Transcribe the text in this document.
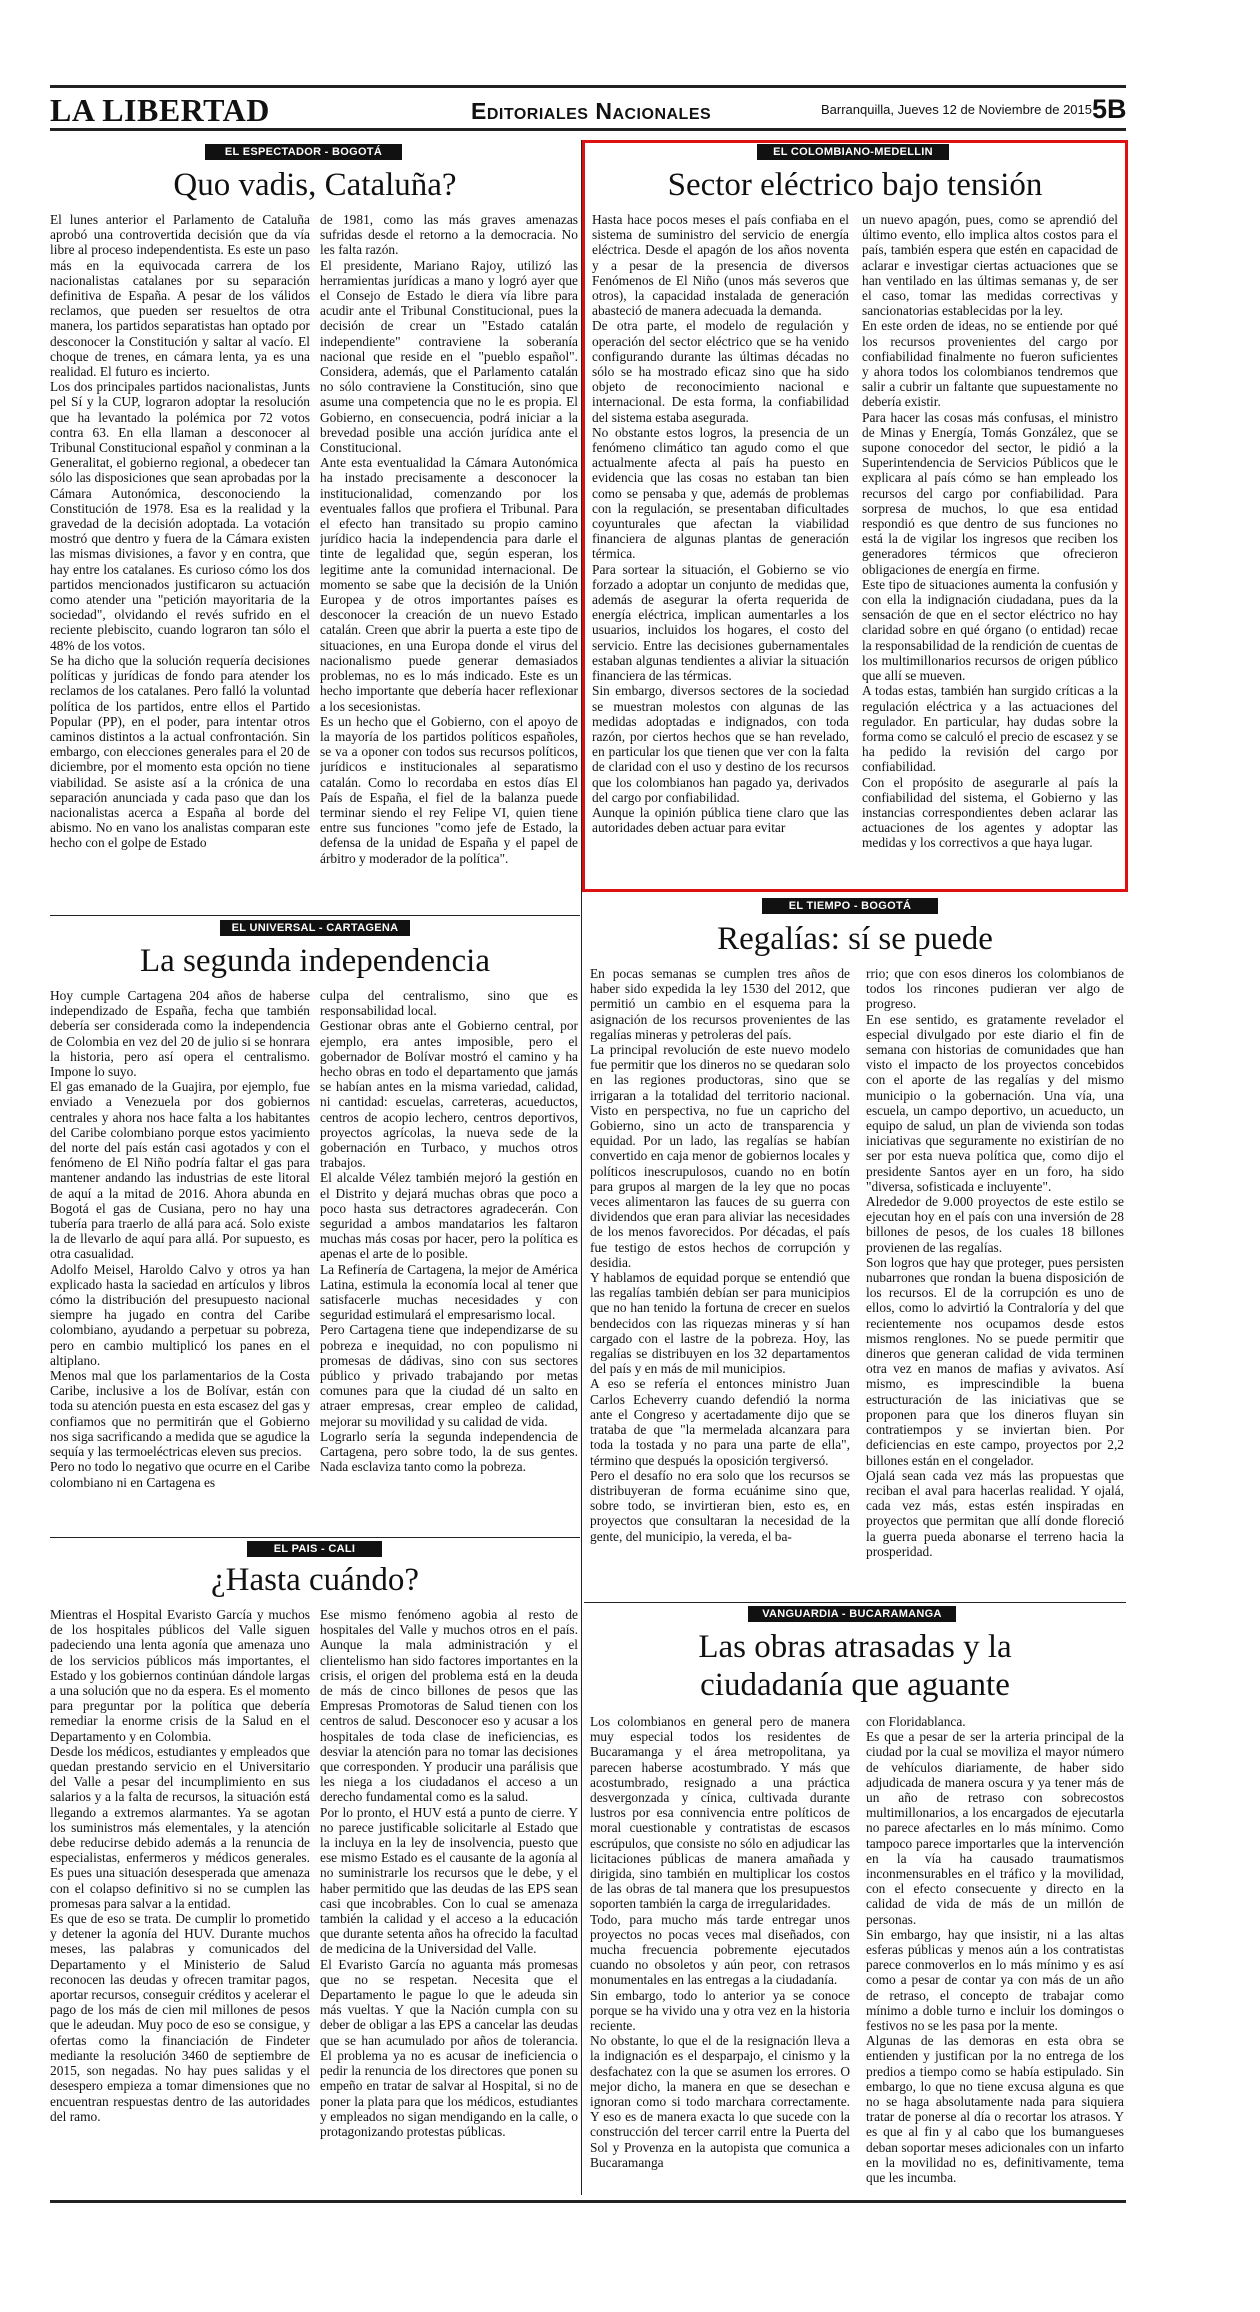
LA LIBERTAD	Editoriales Nacionales	Barranquilla, Jueves 12 de Noviembre de 2015 5B
EL ESPECTADOR - BOGOTÁ
Quo vadis, Cataluña?

El lunes anterior el Parlamento de Cataluña aprobó una controvertida decisión que da vía libre al proceso independentista. Es este un paso más en la equivocada carrera de los nacionalistas catalanes por su separación definitiva de España. A pesar de los válidos reclamos, que pueden ser resueltos de otra manera, los partidos separatistas han optado por desconocer la Constitución y saltar al vacío. El choque de trenes, en cámara lenta, ya es una realidad. El futuro es incierto.

Los dos principales partidos nacionalistas, Junts pel Sí y la CUP, lograron adoptar la resolución que ha levantado la polémica por 72 votos contra 63. En ella llaman a desconocer al Tribunal Constitucional español y conminan a la Generalitat, el gobierno regional, a obedecer tan sólo las disposiciones que sean aprobadas por la Cámara Autonómica, desconociendo la Constitución de 1978. Esa es la realidad y la gravedad de la decisión adoptada. La votación mostró que dentro y fuera de la Cámara existen las mismas divisiones, a favor y en contra, que hay entre los catalanes. Es curioso cómo los dos partidos mencionados justificaron su actuación como atender una "petición mayoritaria de la sociedad", olvidando el revés sufrido en el reciente plebiscito, cuando lograron tan sólo el 48% de los votos.

Se ha dicho que la solución requería decisiones políticas y jurídicas de fondo para atender los reclamos de los catalanes. Pero falló la voluntad política de los partidos, entre ellos el Partido Popular (PP), en el poder, para intentar otros caminos distintos a la actual confrontación. Sin embargo, con elecciones generales para el 20 de diciembre, por el momento esta opción no tiene viabilidad. Se asiste así a la crónica de una separación anunciada y cada paso que dan los nacionalistas acerca a España al borde del abismo. No en vano los analistas comparan este hecho con el golpe de Estado

de 1981, como las más graves amenazas sufridas desde el retorno a la democracia. No les falta razón.

El presidente, Mariano Rajoy, utilizó las herramientas jurídicas a mano y logró ayer que el Consejo de Estado le diera vía libre para acudir ante el Tribunal Constitucional, pues la decisión de crear un "Estado catalán independiente" contraviene la soberanía nacional que reside en el "pueblo español". Considera, además, que el Parlamento catalán no sólo contraviene la Constitución, sino que asume una competencia que no le es propia. El Gobierno, en consecuencia, podrá iniciar a la brevedad posible una acción jurídica ante el Constitucional.

Ante esta eventualidad la Cámara Autonómica ha instado precisamente a desconocer la institucionalidad, comenzando por los eventuales fallos que profiera el Tribunal. Para el efecto han transitado su propio camino jurídico hacia la independencia para darle el tinte de legalidad que, según esperan, los legitime ante la comunidad internacional. De momento se sabe que la decisión de la Unión Europea y de otros importantes países es desconocer la creación de un nuevo Estado catalán. Creen que abrir la puerta a este tipo de situaciones, en una Europa donde el virus del nacionalismo puede generar demasiados problemas, no es lo más indicado. Este es un hecho importante que debería hacer reflexionar a los secesionistas.

Es un hecho que el Gobierno, con el apoyo de la mayoría de los partidos políticos españoles, se va a oponer con todos sus recursos políticos, jurídicos e institucionales al separatismo catalán. Como lo recordaba en estos días El País de España, el fiel de la balanza puede terminar siendo el rey Felipe VI, quien tiene entre sus funciones "como jefe de Estado, la defensa de la unidad de España y el papel de árbitro y moderador de la política".

EL COLOMBIANO-MEDELLIN
Sector eléctrico bajo tensión

Hasta hace pocos meses el país confiaba en el sistema de suministro del servicio de energía eléctrica. Desde el apagón de los años noventa y a pesar de la presencia de diversos Fenómenos de El Niño (unos más severos que otros), la capacidad instalada de generación abasteció de manera adecuada la demanda.

De otra parte, el modelo de regulación y operación del sector eléctrico que se ha venido configurando durante las últimas décadas no sólo se ha mostrado eficaz sino que ha sido objeto de reconocimiento nacional e internacional. De esta forma, la confiabilidad del sistema estaba asegurada.

No obstante estos logros, la presencia de un fenómeno climático tan agudo como el que actualmente afecta al país ha puesto en evidencia que las cosas no estaban tan bien como se pensaba y que, además de problemas con la regulación, se presentaban dificultades coyunturales que afectan la viabilidad financiera de algunas plantas de generación térmica.

Para sortear la situación, el Gobierno se vio forzado a adoptar un conjunto de medidas que, además de asegurar la oferta requerida de energía eléctrica, implican aumentarles a los usuarios, incluidos los hogares, el costo del servicio. Entre las decisiones gubernamentales estaban algunas tendientes a aliviar la situación financiera de las térmicas.

Sin embargo, diversos sectores de la sociedad se muestran molestos con algunas de las medidas adoptadas e indignados, con toda razón, por ciertos hechos que se han revelado, en particular los que tienen que ver con la falta de claridad con el uso y destino de los recursos que los colombianos han pagado ya, derivados del cargo por confiabilidad.

Aunque la opinión pública tiene claro que las autoridades deben actuar para evitar

un nuevo apagón, pues, como se aprendió del último evento, ello implica altos costos para el país, también espera que estén en capacidad de aclarar e investigar ciertas actuaciones que se han ventilado en las últimas semanas y, de ser el caso, tomar las medidas correctivas y sancionatorias establecidas por la ley.

En este orden de ideas, no se entiende por qué los recursos provenientes del cargo por confiabilidad finalmente no fueron suficientes y ahora todos los colombianos tendremos que salir a cubrir un faltante que supuestamente no debería existir.

Para hacer las cosas más confusas, el ministro de Minas y Energía, Tomás González, que se supone conocedor del sector, le pidió a la Superintendencia de Servicios Públicos que le explicara al país cómo se han empleado los recursos del cargo por confiabilidad. Para sorpresa de muchos, lo que esa entidad respondió es que dentro de sus funciones no está la de vigilar los ingresos que reciben los generadores térmicos que ofrecieron obligaciones de energía en firme.

Este tipo de situaciones aumenta la confusión y con ella la indignación ciudadana, pues da la sensación de que en el sector eléctrico no hay claridad sobre en qué órgano (o entidad) recae la responsabilidad de la rendición de cuentas de los multimillonarios recursos de origen público que allí se mueven.

A todas estas, también han surgido críticas a la regulación eléctrica y a las actuaciones del regulador. En particular, hay dudas sobre la forma como se calculó el precio de escasez y se ha pedido la revisión del cargo por confiabilidad.

Con el propósito de asegurarle al país la confiabilidad del sistema, el Gobierno y las instancias correspondientes deben aclarar las actuaciones de los agentes y adoptar las medidas y los correctivos a que haya lugar.

EL UNIVERSAL - CARTAGENA
La segunda independencia

Hoy cumple Cartagena 204 años de haberse independizado de España, fecha que también debería ser considerada como la independencia de Colombia en vez del 20 de julio si se honrara la historia, pero así opera el centralismo. Impone lo suyo.

El gas emanado de la Guajira, por ejemplo, fue enviado a Venezuela por dos gobiernos centrales y ahora nos hace falta a los habitantes del Caribe colombiano porque estos yacimiento del norte del país están casi agotados y con el fenómeno de El Niño podría faltar el gas para mantener andando las industrias de este litoral de aquí a la mitad de 2016. Ahora abunda en Bogotá el gas de Cusiana, pero no hay una tubería para traerlo de allá para acá. Solo existe la de llevarlo de aquí para allá. Por supuesto, es otra casualidad.

Adolfo Meisel, Haroldo Calvo y otros ya han explicado hasta la saciedad en artículos y libros cómo la distribución del presupuesto nacional siempre ha jugado en contra del Caribe colombiano, ayudando a perpetuar su pobreza, pero en cambio multiplicó los panes en el altiplano.

Menos mal que los parlamentarios de la Costa Caribe, inclusive a los de Bolívar, están con toda su atención puesta en esta escasez del gas y confiamos que no permitirán que el Gobierno nos siga sacrificando a medida que se agudice la sequía y las termoeléctricas eleven sus precios.

Pero no todo lo negativo que ocurre en el Caribe colombiano ni en Cartagena es

culpa del centralismo, sino que es responsabilidad local.

Gestionar obras ante el Gobierno central, por ejemplo, era antes imposible, pero el gobernador de Bolívar mostró el camino y ha hecho obras en todo el departamento que jamás se habían antes en la misma variedad, calidad, ni cantidad: escuelas, carreteras, acueductos, centros de acopio lechero, centros deportivos, proyectos agrícolas, la nueva sede de la gobernación en Turbaco, y muchos otros trabajos.

El alcalde Vélez también mejoró la gestión en el Distrito y dejará muchas obras que poco a poco hasta sus detractores agradecerán. Con seguridad a ambos mandatarios les faltaron muchas más cosas por hacer, pero la política es apenas el arte de lo posible.

La Refinería de Cartagena, la mejor de América Latina, estimula la economía local al tener que satisfacerle muchas necesidades y con seguridad estimulará el empresarismo local.

Pero Cartagena tiene que independizarse de su pobreza e inequidad, no con populismo ni promesas de dádivas, sino con sus sectores público y privado trabajando por metas comunes para que la ciudad dé un salto en atraer empresas, crear empleo de calidad, mejorar su movilidad y su calidad de vida.

Lograrlo sería la segunda independencia de Cartagena, pero sobre todo, la de sus gentes. Nada esclaviza tanto como la pobreza.

EL TIEMPO - BOGOTÁ
Regalías: sí se puede

En pocas semanas se cumplen tres años de haber sido expedida la ley 1530 del 2012, que permitió un cambio en el esquema para la asignación de los recursos provenientes de las regalías mineras y petroleras del país.

La principal revolución de este nuevo modelo fue permitir que los dineros no se quedaran solo en las regiones productoras, sino que se irrigaran a la totalidad del territorio nacional. Visto en perspectiva, no fue un capricho del Gobierno, sino un acto de transparencia y equidad. Por un lado, las regalías se habían convertido en caja menor de gobiernos locales y políticos inescrupulosos, cuando no en botín para grupos al margen de la ley que no pocas veces alimentaron las fauces de su guerra con dividendos que eran para aliviar las necesidades de los menos favorecidos. Por décadas, el país fue testigo de estos hechos de corrupción y desidia.

Y hablamos de equidad porque se entendió que las regalías también debían ser para municipios que no han tenido la fortuna de crecer en suelos bendecidos con las riquezas mineras y sí han cargado con el lastre de la pobreza. Hoy, las regalías se distribuyen en los 32 departamentos del país y en más de mil municipios.

A eso se refería el entonces ministro Juan Carlos Echeverry cuando defendió la norma ante el Congreso y acertadamente dijo que se trataba de que "la mermelada alcanzara para toda la tostada y no para una parte de ella", término que después la oposición tergiversó.

Pero el desafío no era solo que los recursos se distribuyeran de forma ecuánime sino que, sobre todo, se invirtieran bien, esto es, en proyectos que consultaran la necesidad de la gente, del municipio, la vereda, el ba-

rrio; que con esos dineros los colombianos de todos los rincones pudieran ver algo de progreso.

En ese sentido, es gratamente revelador el especial divulgado por este diario el fin de semana con historias de comunidades que han visto el impacto de los proyectos concebidos con el aporte de las regalías y del mismo municipio o la gobernación. Una vía, una escuela, un campo deportivo, un acueducto, un equipo de salud, un plan de vivienda son todas iniciativas que seguramente no existirían de no ser por esta nueva política que, como dijo el presidente Santos ayer en un foro, ha sido "diversa, sofisticada e incluyente".

Alrededor de 9.000 proyectos de este estilo se ejecutan hoy en el país con una inversión de 28 billones de pesos, de los cuales 18 billones provienen de las regalías.

Son logros que hay que proteger, pues persisten nubarrones que rondan la buena disposición de los recursos. El de la corrupción es uno de ellos, como lo advirtió la Contraloría y del que recientemente nos ocupamos desde estos mismos renglones. No se puede permitir que dineros que generan calidad de vida terminen otra vez en manos de mafias y avivatos. Así mismo, es imprescindible la buena estructuración de las iniciativas que se proponen para que los dineros fluyan sin contratiempos y se inviertan bien. Por deficiencias en este campo, proyectos por 2,2 billones están en el congelador.

Ojalá sean cada vez más las propuestas que reciban el aval para hacerlas realidad. Y ojalá, cada vez más, estas estén inspiradas en proyectos que permitan que allí donde floreció la guerra pueda abonarse el terreno hacia la prosperidad.

EL PAIS - CALI
¿Hasta cuándo?

Mientras el Hospital Evaristo García y muchos de los hospitales públicos del Valle siguen padeciendo una lenta agonía que amenaza uno de los servicios públicos más importantes, el Estado y los gobiernos continúan dándole largas a una solución que no da espera. Es el momento para preguntar por la política que debería remediar la enorme crisis de la Salud en el Departamento y en Colombia.

Desde los médicos, estudiantes y empleados que quedan prestando servicio en el Universitario del Valle a pesar del incumplimiento en sus salarios y a la falta de recursos, la situación está llegando a extremos alarmantes. Ya se agotan los suministros más elementales, y la atención debe reducirse debido además a la renuncia de especialistas, enfermeros y médicos generales. Es pues una situación desesperada que amenaza con el colapso definitivo si no se cumplen las promesas para salvar a la entidad.

Es que de eso se trata. De cumplir lo prometido y detener la agonía del HUV. Durante muchos meses, las palabras y comunicados del Departamento y el Ministerio de Salud reconocen las deudas y ofrecen tramitar pagos, aportar recursos, conseguir créditos y acelerar el pago de los más de cien mil millones de pesos que le adeudan. Muy poco de eso se consigue, y ofertas como la financiación de Findeter mediante la resolución 3460 de septiembre de 2015, son negadas. No hay pues salidas y el desespero empieza a tomar dimensiones que no encuentran respuestas dentro de las autoridades del ramo.

Ese mismo fenómeno agobia al resto de hospitales del Valle y muchos otros en el país. Aunque la mala administración y el clientelismo han sido factores importantes en la crisis, el origen del problema está en la deuda de más de cinco billones de pesos que las Empresas Promotoras de Salud tienen con los centros de salud. Desconocer eso y acusar a los hospitales de toda clase de ineficiencias, es desviar la atención para no tomar las decisiones que corresponden. Y producir una parálisis que les niega a los ciudadanos el acceso a un derecho fundamental como es la salud.

Por lo pronto, el HUV está a punto de cierre. Y no parece justificable solicitarle al Estado que la incluya en la ley de insolvencia, puesto que ese mismo Estado es el causante de la agonía al no suministrarle los recursos que le debe, y el haber permitido que las deudas de las EPS sean casi que incobrables. Con lo cual se amenaza también la calidad y el acceso a la educación que durante setenta años ha ofrecido la facultad de medicina de la Universidad del Valle.

El Evaristo García no aguanta más promesas que no se respetan. Necesita que el Departamento le pague lo que le adeuda sin más vueltas. Y que la Nación cumpla con su deber de obligar a las EPS a cancelar las deudas que se han acumulado por años de tolerancia. El problema ya no es acusar de ineficiencia o pedir la renuncia de los directores que ponen su empeño en tratar de salvar al Hospital, si no de poner la plata para que los médicos, estudiantes y empleados no sigan mendigando en la calle, o protagonizando protestas públicas.

VANGUARDIA - BUCARAMANGA
Las obras atrasadas y la
ciudadanía que aguante

Los colombianos en general pero de manera muy especial todos los residentes de Bucaramanga y el área metropolitana, ya parecen haberse acostumbrado. Y más que acostumbrado, resignado a una práctica desvergonzada y cínica, cultivada durante lustros por esa connivencia entre políticos de moral cuestionable y contratistas de escasos escrúpulos, que consiste no sólo en adjudicar las licitaciones públicas de manera amañada y dirigida, sino también en multiplicar los costos de las obras de tal manera que los presupuestos soporten también la carga de irregularidades.

Todo, para mucho más tarde entregar unos proyectos no pocas veces mal diseñados, con mucha frecuencia pobremente ejecutados cuando no obsoletos y aún peor, con retrasos monumentales en las entregas a la ciudadanía.

Sin embargo, todo lo anterior ya se conoce porque se ha vivido una y otra vez en la historia reciente.

No obstante, lo que el de la resignación lleva a la indignación es el desparpajo, el cinismo y la desfachatez con la que se asumen los errores. O mejor dicho, la manera en que se desechan e ignoran como si todo marchara correctamente. Y eso es de manera exacta lo que sucede con la construcción del tercer carril entre la Puerta del Sol y Provenza en la autopista que comunica a Bucaramanga

con Floridablanca.

Es que a pesar de ser la arteria principal de la ciudad por la cual se moviliza el mayor número de vehículos diariamente, de haber sido adjudicada de manera oscura y ya tener más de un año de retraso con sobrecostos multimillonarios, a los encargados de ejecutarla no parece afectarles en lo más mínimo. Como tampoco parece importarles que la intervención en la vía ha causado traumatismos inconmensurables en el tráfico y la movilidad, con el efecto consecuente y directo en la calidad de vida de más de un millón de personas.

Sin embargo, hay que insistir, ni a las altas esferas públicas y menos aún a los contratistas parece conmoverlos en lo más mínimo y es así como a pesar de contar ya con más de un año de retraso, el concepto de trabajar como mínimo a doble turno e incluir los domingos o festivos no se les pasa por la mente.

Algunas de las demoras en esta obra se entienden y justifican por la no entrega de los predios a tiempo como se había estipulado. Sin embargo, lo que no tiene excusa alguna es que no se haga absolutamente nada para siquiera tratar de ponerse al día o recortar los atrasos. Y es que al fin y al cabo que los bumangueses deban soportar meses adicionales con un infarto en la movilidad no es, definitivamente, tema que les incumba.
